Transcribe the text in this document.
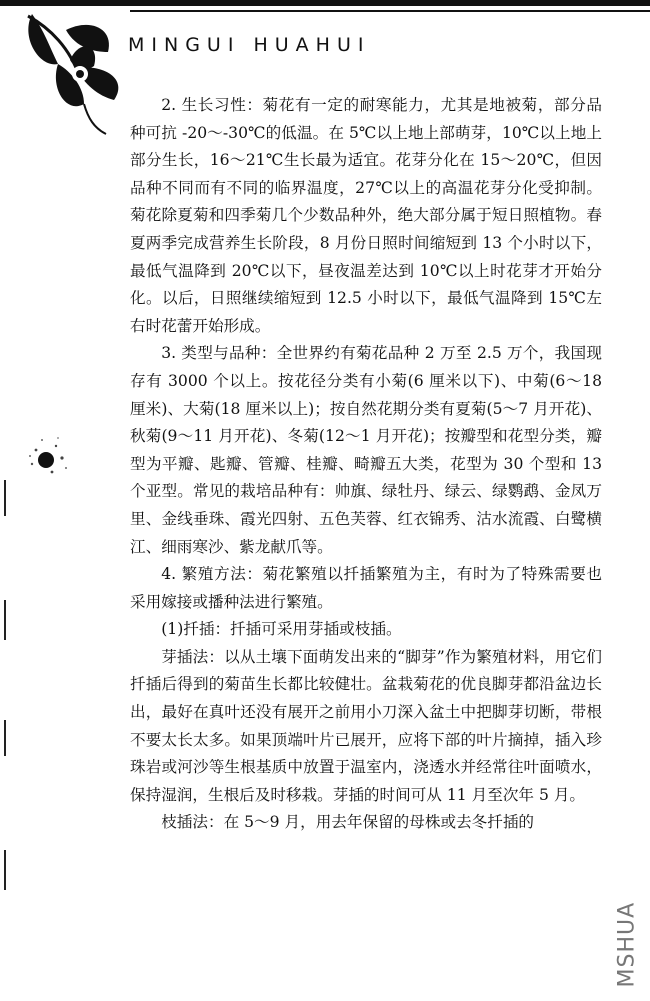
MINGUI HUAHUI

2. 生长习性：菊花有一定的耐寒能力，尤其是地被菊，部分品种可抗 -20～-30℃的低温。在 5℃以上地上部萌芽，10℃以上地上部分生长，16～21℃生长最为适宜。花芽分化在 15～20℃，但因品种不同而有不同的临界温度，27℃以上的高温花芽分化受抑制。菊花除夏菊和四季菊几个少数品种外，绝大部分属于短日照植物。春夏两季完成营养生长阶段，8 月份日照时间缩短到 13 个小时以下，最低气温降到 20℃以下，昼夜温差达到 10℃以上时花芽才开始分化。以后，日照继续缩短到 12.5 小时以下，最低气温降到 15℃左右时花蕾开始形成。

3. 类型与品种：全世界约有菊花品种 2 万至 2.5 万个，我国现存有 3000 个以上。按花径分类有小菊(6 厘米以下)、中菊(6～18 厘米)、大菊(18 厘米以上)；按自然花期分类有夏菊(5～7 月开花)、秋菊(9～11 月开花)、冬菊(12～1 月开花)；按瓣型和花型分类，瓣型为平瓣、匙瓣、管瓣、桂瓣、畸瓣五大类，花型为 30 个型和 13 个亚型。常见的栽培品种有：帅旗、绿牡丹、绿云、绿鹦鹉、金凤万里、金线垂珠、霞光四射、五色芙蓉、红衣锦秀、沽水流霞、白鹭横江、细雨寒沙、紫龙献爪等。

4. 繁殖方法：菊花繁殖以扦插繁殖为主，有时为了特殊需要也采用嫁接或播种法进行繁殖。

(1)扦插：扦插可采用芽插或枝插。

芽插法：以从土壤下面萌发出来的“脚芽”作为繁殖材料，用它们扦插后得到的菊苗生长都比较健壮。盆栽菊花的优良脚芽都沿盆边长出，最好在真叶还没有展开之前用小刀深入盆土中把脚芽切断，带根不要太长太多。如果顶端叶片已展开，应将下部的叶片摘掉，插入珍珠岩或河沙等生根基质中放置于温室内，浇透水并经常往叶面喷水，保持湿润，生根后及时移栽。芽插的时间可从 11 月至次年 5 月。

枝插法：在 5～9 月，用去年保留的母株或去冬扦插的

MSHUA
